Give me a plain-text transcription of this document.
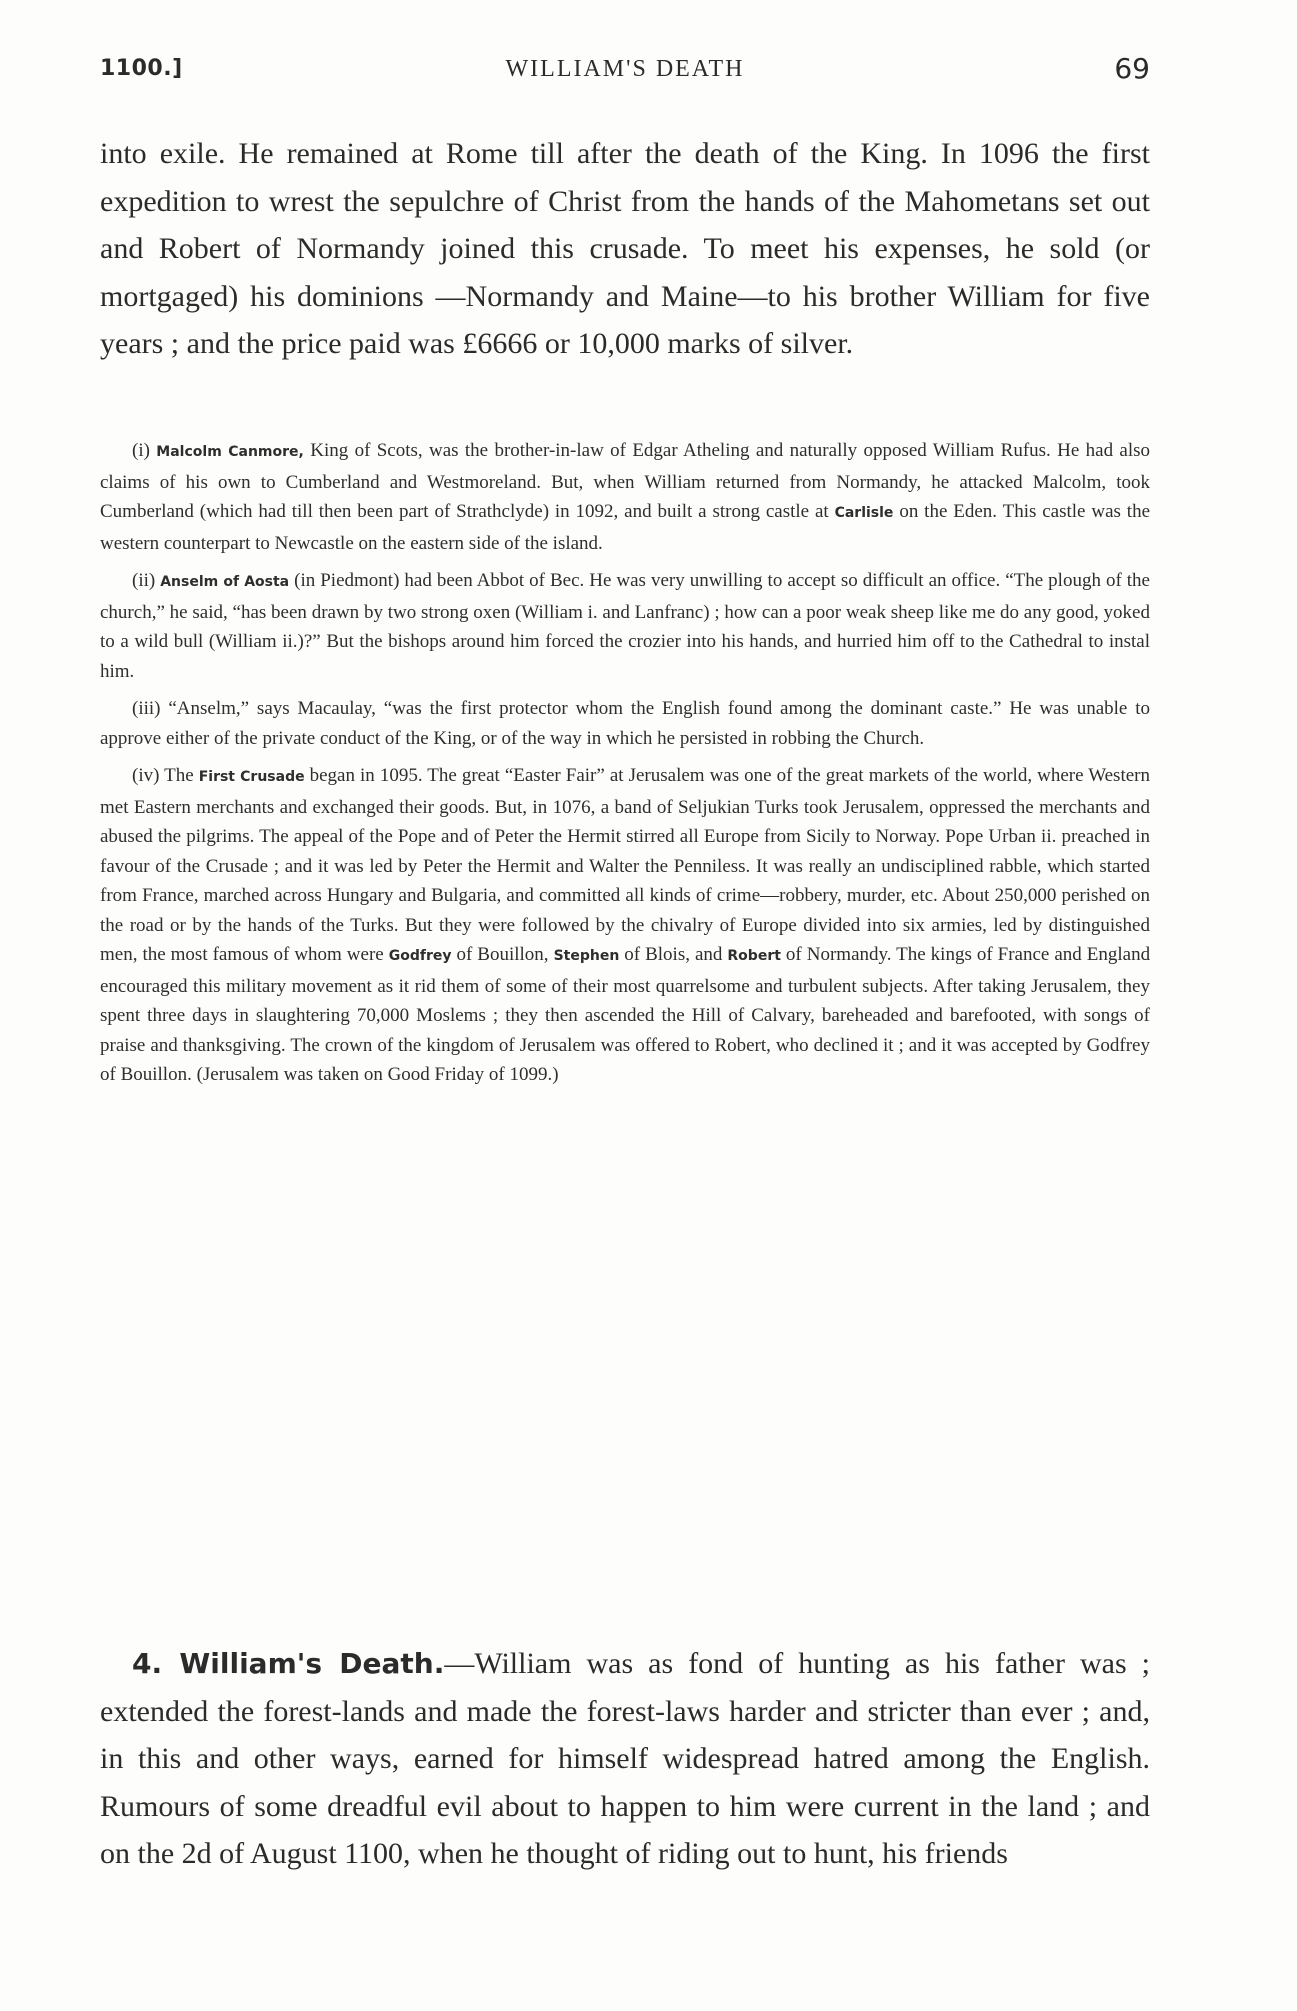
1100.]	WILLIAM'S DEATH	69

into exile. He remained at Rome till after the death of the King. In 1096 the first expedition to wrest the sepulchre of Christ from the hands of the Mahometans set out and Robert of Normandy joined this crusade. To meet his expenses, he sold (or mortgaged) his dominions —Normandy and Maine—to his brother William for five years ; and the price paid was £6666 or 10,000 marks of silver.

(i) Malcolm Canmore, King of Scots, was the brother-in-law of Edgar Atheling and naturally opposed William Rufus. He had also claims of his own to Cumberland and Westmoreland. But, when William returned from Normandy, he attacked Malcolm, took Cumberland (which had till then been part of Strathclyde) in 1092, and built a strong castle at Carlisle on the Eden. This castle was the western counterpart to Newcastle on the eastern side of the island.

(ii) Anselm of Aosta (in Piedmont) had been Abbot of Bec. He was very unwilling to accept so difficult an office. “The plough of the church,” he said, “has been drawn by two strong oxen (William i. and Lanfranc) ; how can a poor weak sheep like me do any good, yoked to a wild bull (William ii.)?” But the bishops around him forced the crozier into his hands, and hurried him off to the Cathedral to instal him.

(iii) “Anselm,” says Macaulay, “was the first protector whom the English found among the dominant caste.” He was unable to approve either of the private conduct of the King, or of the way in which he persisted in robbing the Church.

(iv) The First Crusade began in 1095. The great “Easter Fair” at Jerusalem was one of the great markets of the world, where Western met Eastern merchants and exchanged their goods. But, in 1076, a band of Seljukian Turks took Jerusalem, oppressed the merchants and abused the pilgrims. The appeal of the Pope and of Peter the Hermit stirred all Europe from Sicily to Norway. Pope Urban ii. preached in favour of the Crusade ; and it was led by Peter the Hermit and Walter the Penniless. It was really an undisciplined rabble, which started from France, marched across Hungary and Bulgaria, and committed all kinds of crime—robbery, murder, etc. About 250,000 perished on the road or by the hands of the Turks. But they were followed by the chivalry of Europe divided into six armies, led by distinguished men, the most famous of whom were Godfrey of Bouillon, Stephen of Blois, and Robert of Normandy. The kings of France and England encouraged this military movement as it rid them of some of their most quarrelsome and turbulent subjects. After taking Jerusalem, they spent three days in slaughtering 70,000 Moslems ; they then ascended the Hill of Calvary, bareheaded and barefooted, with songs of praise and thanksgiving. The crown of the kingdom of Jerusalem was offered to Robert, who declined it ; and it was accepted by Godfrey of Bouillon. (Jerusalem was taken on Good Friday of 1099.)

4. William's Death.—William was as fond of hunting as his father was ; extended the forest-lands and made the forest-laws harder and stricter than ever ; and, in this and other ways, earned for himself widespread hatred among the English. Rumours of some dreadful evil about to happen to him were current in the land ; and on the 2d of August 1100, when he thought of riding out to hunt, his friends
